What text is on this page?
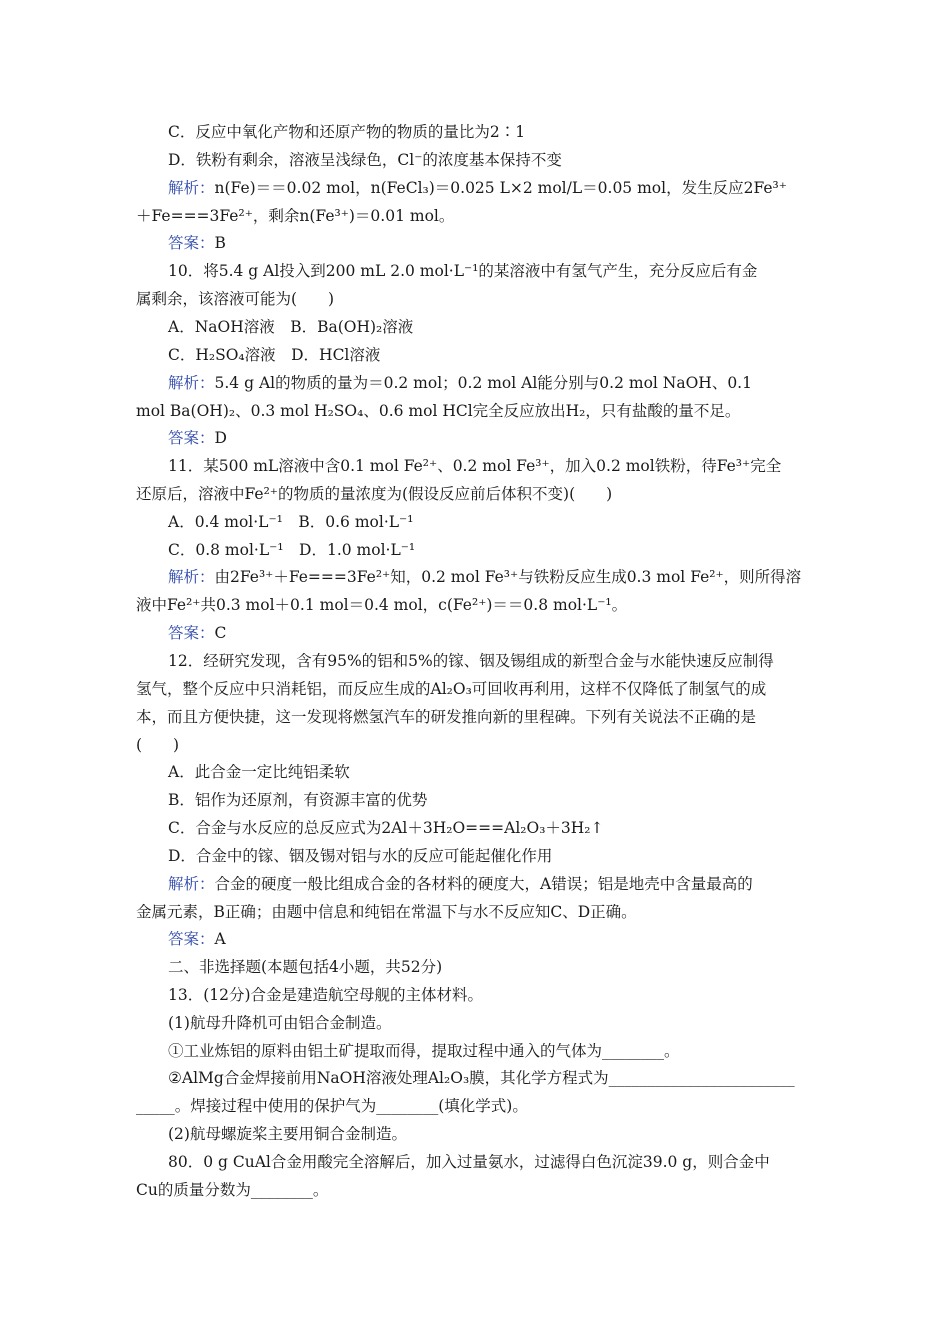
C．反应中氧化产物和还原产物的物质的量比为2∶1
D．铁粉有剩余，溶液呈浅绿色，Cl⁻的浓度基本保持不变
解析：n(Fe)＝＝0.02 mol，n(FeCl₃)＝0.025 L×2 mol/L＝0.05 mol，发生反应2Fe³⁺
＋Fe===3Fe²⁺，剩余n(Fe³⁺)＝0.01 mol。
答案：B
10．将5.4 g Al投入到200 mL 2.0 mol·L⁻¹的某溶液中有氢气产生，充分反应后有金
属剩余，该溶液可能为(　　)
A．NaOH溶液　B．Ba(OH)₂溶液
C．H₂SO₄溶液　D．HCl溶液
解析：5.4 g Al的物质的量为＝0.2 mol；0.2 mol Al能分别与0.2 mol NaOH、0.1
mol Ba(OH)₂、0.3 mol H₂SO₄、0.6 mol HCl完全反应放出H₂，只有盐酸的量不足。
答案：D
11．某500 mL溶液中含0.1 mol Fe²⁺、0.2 mol Fe³⁺，加入0.2 mol铁粉，待Fe³⁺完全
还原后，溶液中Fe²⁺的物质的量浓度为(假设反应前后体积不变)(　　)
A．0.4 mol·L⁻¹　B．0.6 mol·L⁻¹
C．0.8 mol·L⁻¹　D．1.0 mol·L⁻¹
解析：由2Fe³⁺＋Fe===3Fe²⁺知，0.2 mol Fe³⁺与铁粉反应生成0.3 mol Fe²⁺，则所得溶
液中Fe²⁺共0.3 mol＋0.1 mol＝0.4 mol，c(Fe²⁺)＝＝0.8 mol·L⁻¹。
答案：C
12．经研究发现，含有95%的铝和5%的镓、铟及锡组成的新型合金与水能快速反应制得
氢气，整个反应中只消耗铝，而反应生成的Al₂O₃可回收再利用，这样不仅降低了制氢气的成
本，而且方便快捷，这一发现将燃氢汽车的研发推向新的里程碑。下列有关说法不正确的是
(　　)
A．此合金一定比纯铝柔软
B．铝作为还原剂，有资源丰富的优势
C．合金与水反应的总反应式为2Al＋3H₂O===Al₂O₃＋3H₂↑
D．合金中的镓、铟及锡对铝与水的反应可能起催化作用
解析：合金的硬度一般比组成合金的各材料的硬度大，A错误；铝是地壳中含量最高的
金属元素，B正确；由题中信息和纯铝在常温下与水不反应知C、D正确。
答案：A
二、非选择题(本题包括4小题，共52分)
13．(12分)合金是建造航空母舰的主体材料。
(1)航母升降机可由铝合金制造。
①工业炼铝的原料由铝土矿提取而得，提取过程中通入的气体为________。
②AlMg合金焊接前用NaOH溶液处理Al₂O₃膜，其化学方程式为________________________
_____。焊接过程中使用的保护气为________(填化学式)。
(2)航母螺旋桨主要用铜合金制造。
80．0 g CuAl合金用酸完全溶解后，加入过量氨水，过滤得白色沉淀39.0 g，则合金中
Cu的质量分数为________。
